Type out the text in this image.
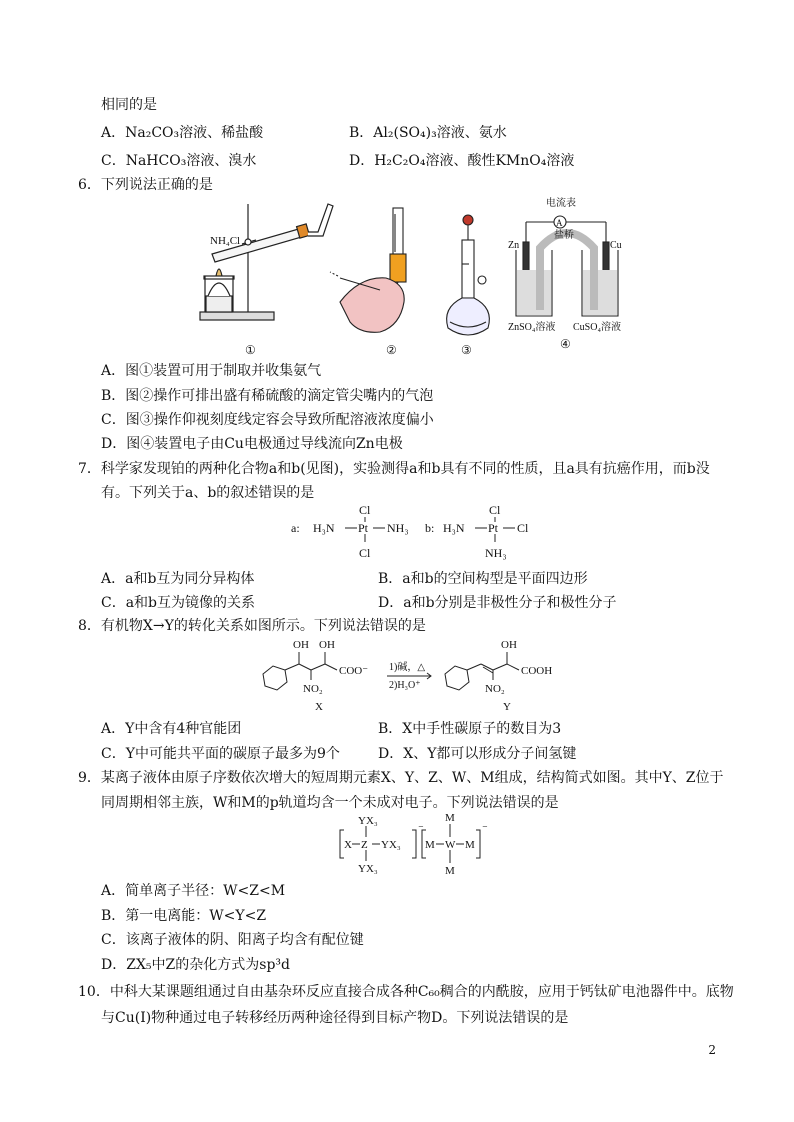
相同的是
A．Na₂CO₃溶液、稀盐酸	B．Al₂(SO₄)₃溶液、氨水
C．NaHCO₃溶液、溴水	D．H₂C₂O₄溶液、酸性KMnO₄溶液
6．下列说法正确的是
NH₄Cl
①	②	③
电流表
A
盐桥
Zn	Cu
ZnSO₄溶液 CuSO₄溶液
④
A．图①装置可用于制取并收集氨气
B．图②操作可排出盛有稀硫酸的滴定管尖嘴内的气泡
C．图③操作仰视刻度线定容会导致所配溶液浓度偏小
D．图④装置电子由Cu电极通过导线流向Zn电极
7．科学家发现铂的两种化合物a和b(见图)，实验测得a和b具有不同的性质，且a具有抗癌作用，而b没
有。下列关于a、b的叙述错误的是
a: H₃N Pt NH₃
Cl
Cl
b: H₃N Pt Cl
Cl
NH₃
A．a和b互为同分异构体	B．a和b的空间构型是平面四边形
C．a和b互为镜像的关系	D．a和b分别是非极性分子和极性分子
8．有机物X→Y的转化关系如图所示。下列说法错误的是
OH OH
NO₂
COO⁻ 1)碱，△
2)H₃O⁺
OH
NO₂
COOH
X	Y
A．Y中含有4种官能团	B．X中手性碳原子的数目为3
C．Y中可能共平面的碳原子最多为9个	D．X、Y都可以形成分子间氢键
9．某离子液体由原子序数依次增大的短周期元素X、Y、Z、W、M组成，结构简式如图。其中Y、Z位于
同周期相邻主族，W和M的p轨道均含一个未成对电子。下列说法错误的是
YX₃
X Z YX₃
YX₃
⁻
M
M W M
M
⁻
A．简单离子半径：W<Z<M
B．第一电离能：W<Y<Z
C．该离子液体的阴、阳离子均含有配位键
D．ZX₅中Z的杂化方式为sp³d
10．中科大某课题组通过自由基杂环反应直接合成各种C₆₀稠合的内酰胺，应用于钙钛矿电池器件中。底物
与Cu(Ⅰ)物种通过电子转移经历两种途径得到目标产物D。下列说法错误的是
2
